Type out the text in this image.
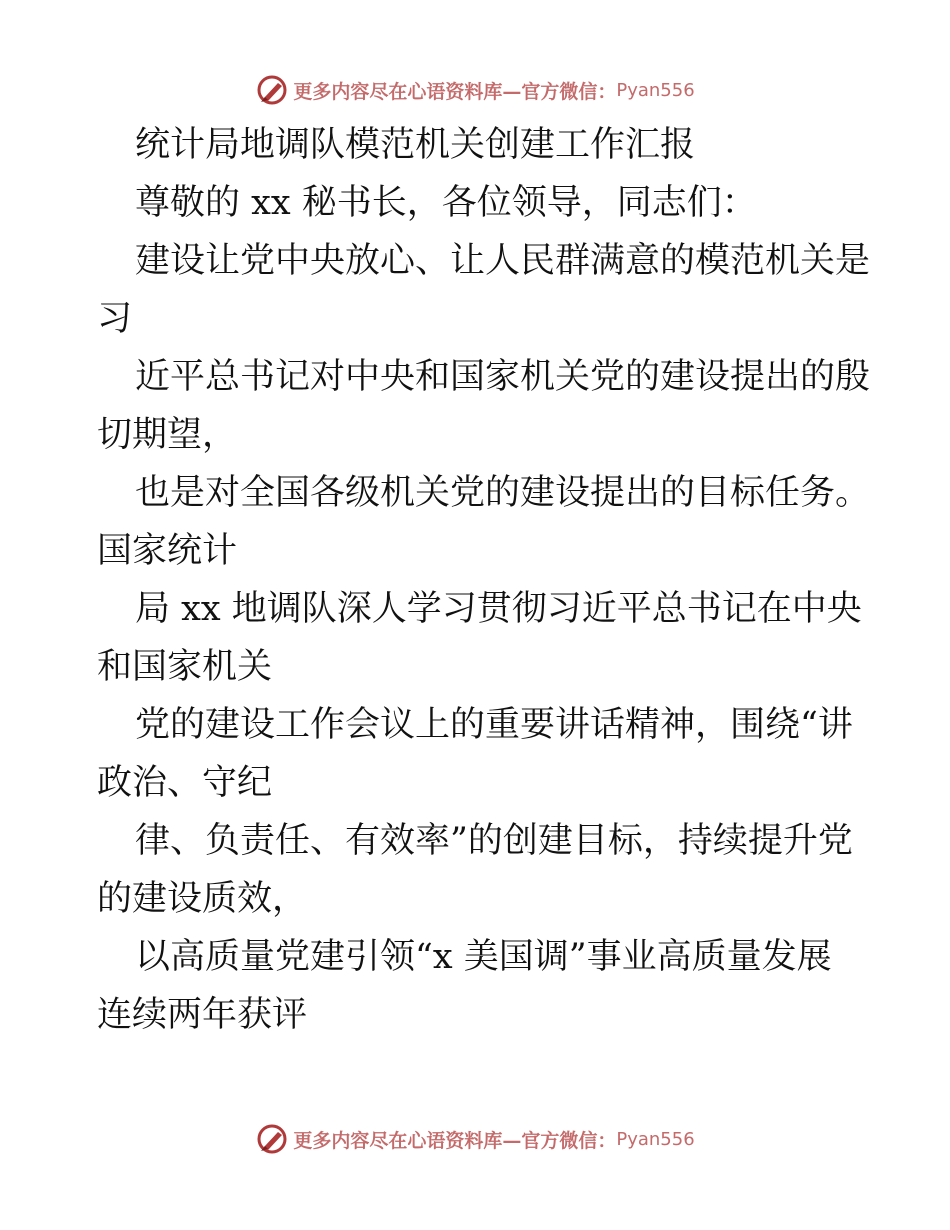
更多内容尽在心语资料库 —官方微信： Pyan556
统计局地调队模范机关创建工作汇报
尊敬的 xx 秘书长，各位领导，同志们：
建设让党中央放心、让人民群满意的模范机关是
习
近平总书记对中央和国家机关党的建设提出的殷
切期望，
也是对全国各级机关党的建设提出的目标任务。
国家统计
局 xx 地调队深人学习贯彻习近平总书记在中央
和国家机关
党的建设工作会议上的重要讲话精神，围绕“讲
政治、守纪
律、负责任、有效率”的创建目标，持续提升党
的建设质效，
以高质量党建引领“x 美国调”事业高质量发展
连续两年获评
更多内容尽在心语资料库 —官方微信： Pyan556
